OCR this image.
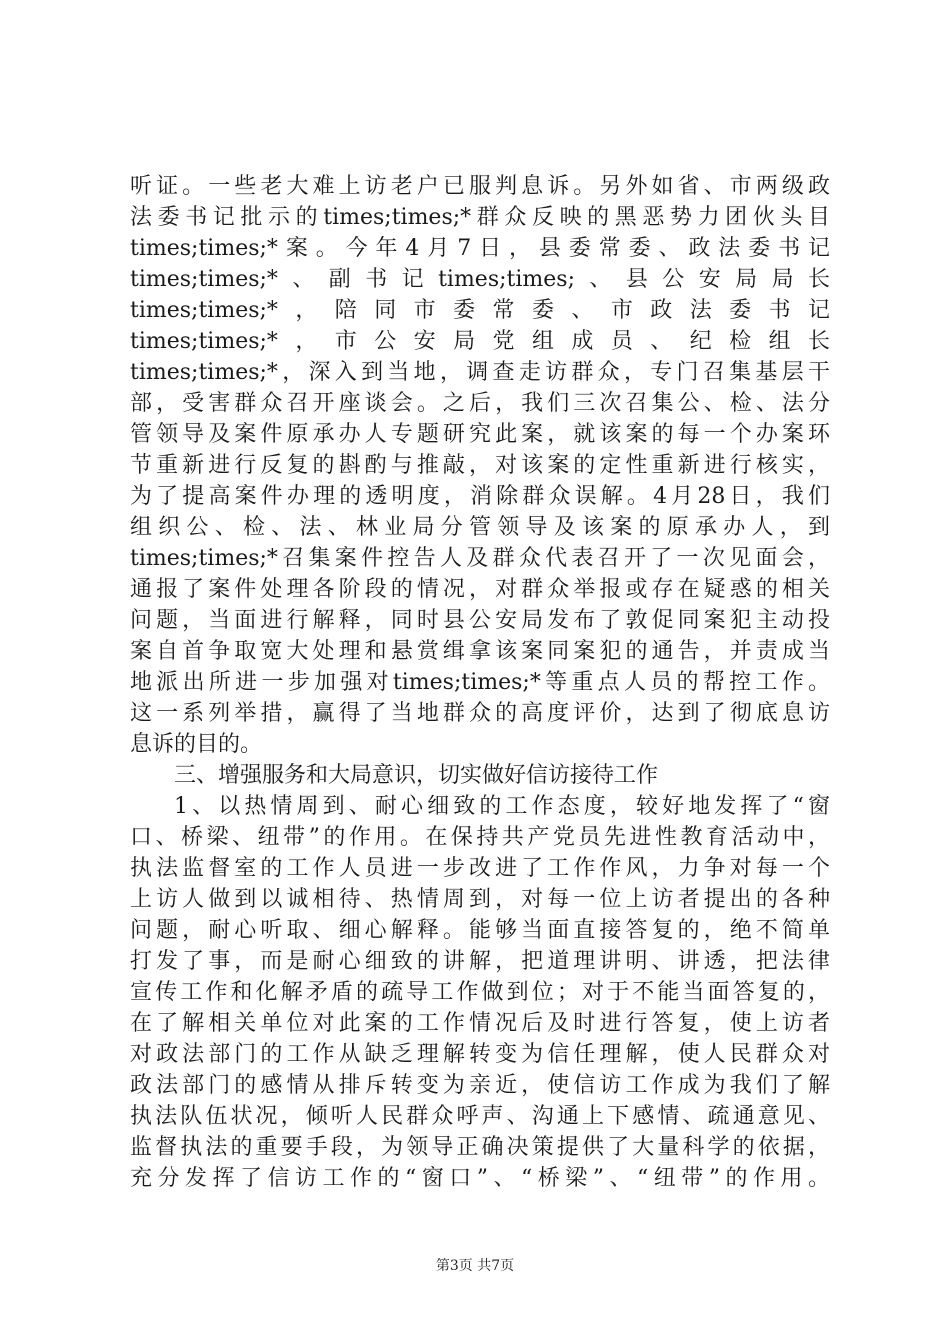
听证。一些老大难上访老户已服判息诉。另外如省、市两级政
法委书记批示的times;times;*群众反映的黑恶势力团伙头目
times;times;*案。今年4月7日，县委常委、政法委书记
times;times;*、副书记times;times;、县公安局局长
times;times;*，陪同市委常委、市政法委书记
times;times;*，市公安局党组成员、纪检组长
times;times;*，深入到当地，调查走访群众，专门召集基层干
部，受害群众召开座谈会。之后，我们三次召集公、检、法分
管领导及案件原承办人专题研究此案，就该案的每一个办案环
节重新进行反复的斟酌与推敲，对该案的定性重新进行核实，
为了提高案件办理的透明度，消除群众误解。4月28日，我们
组织公、检、法、林业局分管领导及该案的原承办人，到
times;times;*召集案件控告人及群众代表召开了一次见面会，
通报了案件处理各阶段的情况，对群众举报或存在疑惑的相关
问题，当面进行解释，同时县公安局发布了敦促同案犯主动投
案自首争取宽大处理和悬赏缉拿该案同案犯的通告，并责成当
地派出所进一步加强对times;times;*等重点人员的帮控工作。
这一系列举措，赢得了当地群众的高度评价，达到了彻底息访
息诉的目的。
三、增强服务和大局意识，切实做好信访接待工作
1、以热情周到、耐心细致的工作态度，较好地发挥了“窗
口、桥梁、纽带”的作用。在保持共产党员先进性教育活动中，
执法监督室的工作人员进一步改进了工作作风，力争对每一个
上访人做到以诚相待、热情周到，对每一位上访者提出的各种
问题，耐心听取、细心解释。能够当面直接答复的，绝不简单
打发了事，而是耐心细致的讲解，把道理讲明、讲透，把法律
宣传工作和化解矛盾的疏导工作做到位；对于不能当面答复的，
在了解相关单位对此案的工作情况后及时进行答复，使上访者
对政法部门的工作从缺乏理解转变为信任理解，使人民群众对
政法部门的感情从排斥转变为亲近，使信访工作成为我们了解
执法队伍状况，倾听人民群众呼声、沟通上下感情、疏通意见、
监督执法的重要手段，为领导正确决策提供了大量科学的依据，
充分发挥了信访工作的“窗口”、“桥梁”、“纽带”的作用。
第3页 共7页
